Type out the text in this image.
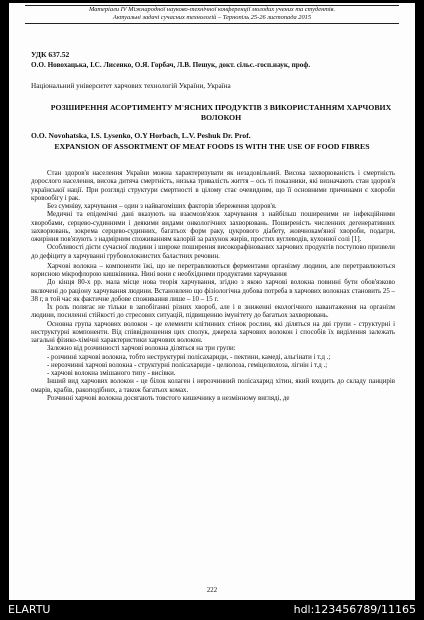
Матеріали IV Міжнародної науково-технічної конференції молодих учених та студентів.
Актуальні задачі сучасних технологій – Тернопіль 25-26 листопада 2015
УДК 637.52
О.О. Новохацька, І.С. Лисенко, О.Я. Горбач, Л.В. Пешук, докт. сільс.-госп.наук, проф.
Національний університет харчових технологій України, Україна
РОЗШИРЕННЯ АСОРТИМЕНТУ М'ЯСНИХ ПРОДУКТІВ З ВИКОРИСТАННЯМ ХАРЧОВИХ ВОЛОКОН
O.O. Novohatska, I.S. Lysenko, O.Y Horbach, L.V. Peshuk Dr. Prof.
EXPANSION OF ASSORTMENT OF MEAT FOODS IS WITH THE USE OF FOOD FIBRES

Стан здоров'я населення України можна характеризувати як незадовільний. Висока захворюваність і смертність дорослого населення, висока дитяча смертність, низька тривалість життя – ось ті показники, які визначають стан здоров'я української нації. При розгляді структури смертності в цілому стає очевидним, що її основними причинами є хвороби кровообігу і рак.

Без сумніву, харчування – один з найвагоміших факторів збереження здоров'я.

Медичні та епідемічні дані вказують на взаємозв'язок харчування з найбільш поширеними не інфекційними хворобами, серцево-судинними і деякими видами онкологічних захворювань. Поширеність численних дегенеративних захворювань, зокрема серцево-судинних, багатьох форм раку, цукрового діабету, жовчнокам'яної хвороби, подагри, ожиріння пов'язують з надмірним споживанням калорій за рахунок жирів, простих вуглеводів, кухонної солі [1].

Особливості дієти сучасної людини і широке поширення високорафінованих харчових продуктів поступово призвели до дефіциту в харчуванні грубоволокнистих баластних речовин.

Харчові волокна – компоненти їжі, що не перетравлюються ферментами організму людини, але перетравлюються корисною мікрофлорою кишківника. Нині вони є необхідними продуктами харчування

До кінця 80-х рр. мала місце нова теорія харчування, згідно з якою харчові волокна повинні бути обов'язково включені до раціону харчування людини. Встановлено що фізіологічна добова потреба в харчових волокнах становить 25 – 38 г, в той час як фактичне добове споживання лише – 10 – 15 г.

Їх роль полягає не тільки в запобіганні різних хвороб, але і в зниженні екологічного навантаження на організм людини, посиленні стійкості до стресових ситуацій, підвищенню імунітету до багатьох захворювань.

Основна група харчових волокон - це елементи клітинних стінок рослин, які діляться на дві групи - структурні і неструктурні компоненти. Від співвідношення цих сполук, джерела харчових волокон і способів їх виділення залежать загальні фізико-хімічні характеристики харчових волокон.

Залежно від розчинності харчові волокна діляться на три групи:

- розчинні харчові волокна, тобто неструктурні полісахариди, - пектини, камеді, альгінати і т.д .;

- нерозчинні харчові волокна - структурні полісахариди - целюлоза, геміцелюлоза, лігнін і т.д .;

- харчові волокна змішаного типу - висівки.

Інший вид харчових волокон - це білок колаген і нерозчинний полісахарид хітин, який входить до складу панцирів омарів, крабів, ракоподібних, а також багатьох комах.

Розчинні харчові волокна досягають товстого кишечнику в незмінному вигляді, де

222
ELARTU	hdl:123456789/11165
